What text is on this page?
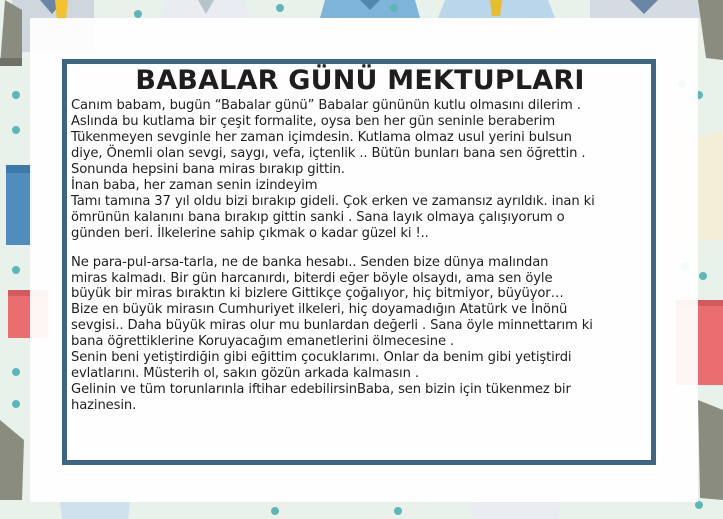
BABALAR GÜNÜ MEKTUPLARI

Canım babam, bugün “Babalar günü” Babalar gününün kutlu olmasını dilerim .

Aslında bu kutlama bir çeşit formalite, oysa ben her gün seninle beraberim

Tükenmeyen sevginle her zaman içimdesin. Kutlama olmaz usul yerini bulsun

diye, Önemli olan sevgi, saygı, vefa, içtenlik .. Bütün bunları bana sen öğrettin .

Sonunda hepsini bana miras bırakıp gittin.

İnan baba, her zaman senin izindeyim

Tamı tamına 37 yıl oldu bizi bırakıp gideli. Çok erken ve zamansız ayrıldık. inan ki

ömrünün kalanını bana bırakıp gittin sanki . Sana layık olmaya çalışıyorum o

günden beri. İlkelerine sahip çıkmak o kadar güzel ki !..

Ne para-pul-arsa-tarla, ne de banka hesabı.. Senden bize dünya malından

miras kalmadı. Bir gün harcanırdı, biterdi eğer böyle olsaydı, ama sen öyle

büyük bir miras bıraktın ki bizlere Gittikçe çoğalıyor, hiç bitmiyor, büyüyor…

Bize en büyük mirasın Cumhuriyet ilkeleri, hiç doyamadığın Atatürk ve İnönü

sevgisi.. Daha büyük miras olur mu bunlardan değerli . Sana öyle minnettarım ki

bana öğrettiklerine Koruyacağım emanetlerini ölmecesine .

Senin beni yetiştirdiğin gibi eğittim çocuklarımı. Onlar da benim gibi yetiştirdi

evlatlarını. Müsterih ol, sakın gözün arkada kalmasın .

Gelinin ve tüm torunlarınla iftihar edebilirsinBaba, sen bizin için tükenmez bir

hazinesin.
